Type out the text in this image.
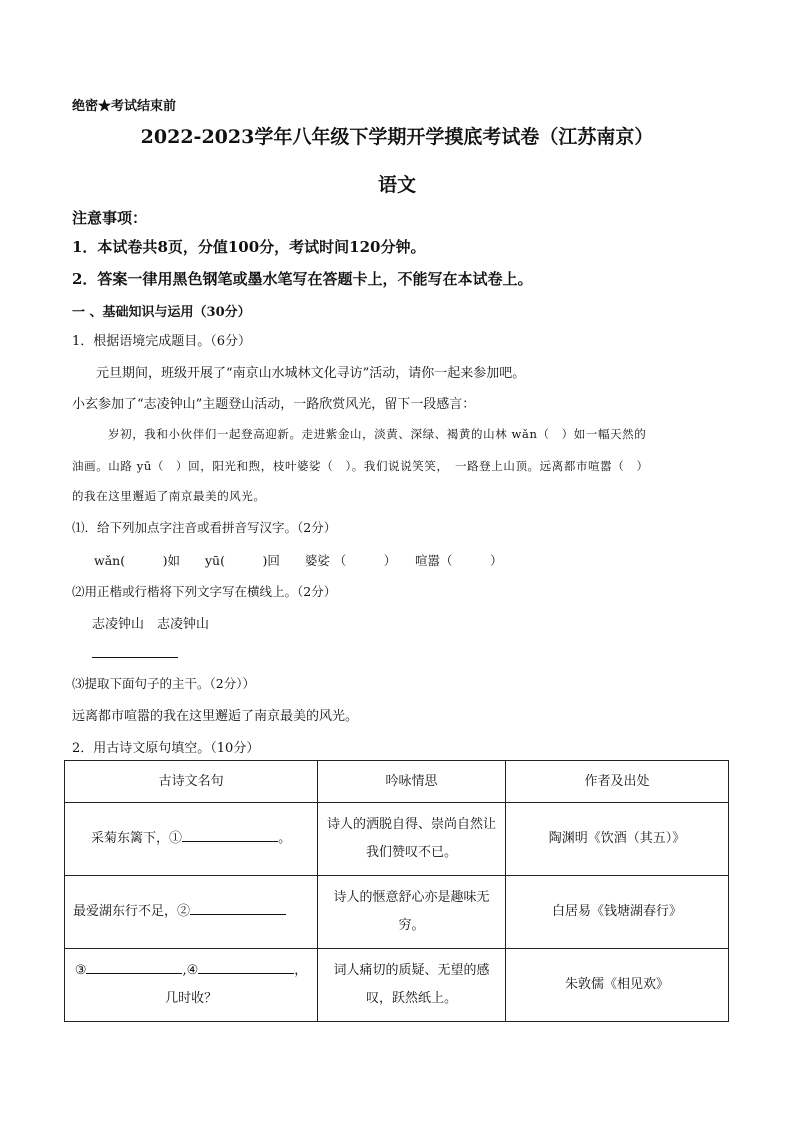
绝密★考试结束前
2022-2023学年八年级下学期开学摸底考试卷（江苏南京）
语文
注意事项：
1．本试卷共8页，分值100分，考试时间120分钟。
2．答案一律用黑色钢笔或墨水笔写在答题卡上，不能写在本试卷上。
一 、基础知识与运用（30分）
1．根据语境完成题目。（6分）
元旦期间，班级开展了“南京山水城林文化寻访”活动，请你一起来参加吧。
小玄参加了“志凌钟山”主题登山活动，一路欣赏风光，留下一段感言：
岁初，我和小伙伴们一起登高迎新。走进紫金山，淡黄、深绿、褐黄的山林 wǎn（　）如一幅天然的
油画。山路 yū（　）回，阳光和煦，枝叶婆娑（　）。我们说说笑笑，　一路登上山顶。远离都市喧嚣（　）
的我在这里邂逅了南京最美的风光。
⑴．给下列加点字注音或看拼音写汉字。（2分）
wǎn(　　　)如　　yū(　　　)回　　婆娑 （　　　）　　喧嚣（　　　）
⑵用正楷或行楷将下列文字写在横线上。（2分）
志凌钟山　志凌钟山
⑶提取下面句子的主干。（2分））
远离都市喧嚣的我在这里邂逅了南京最美的风光。
2．用古诗文原句填空。（10分）
古诗文名句	吟咏情思	作者及出处
采菊东篱下，① 。	诗人的洒脱自得、崇尚自然让我们赞叹不已。	陶渊明《饮酒（其五）》
最爱湖东行不足，②	诗人的惬意舒心亦是趣味无穷。	白居易《钱塘湖春行》

③ ,④ ，
几时收？	词人痛切的质疑、无望的感叹，跃然纸上。	朱敦儒《相见欢》
